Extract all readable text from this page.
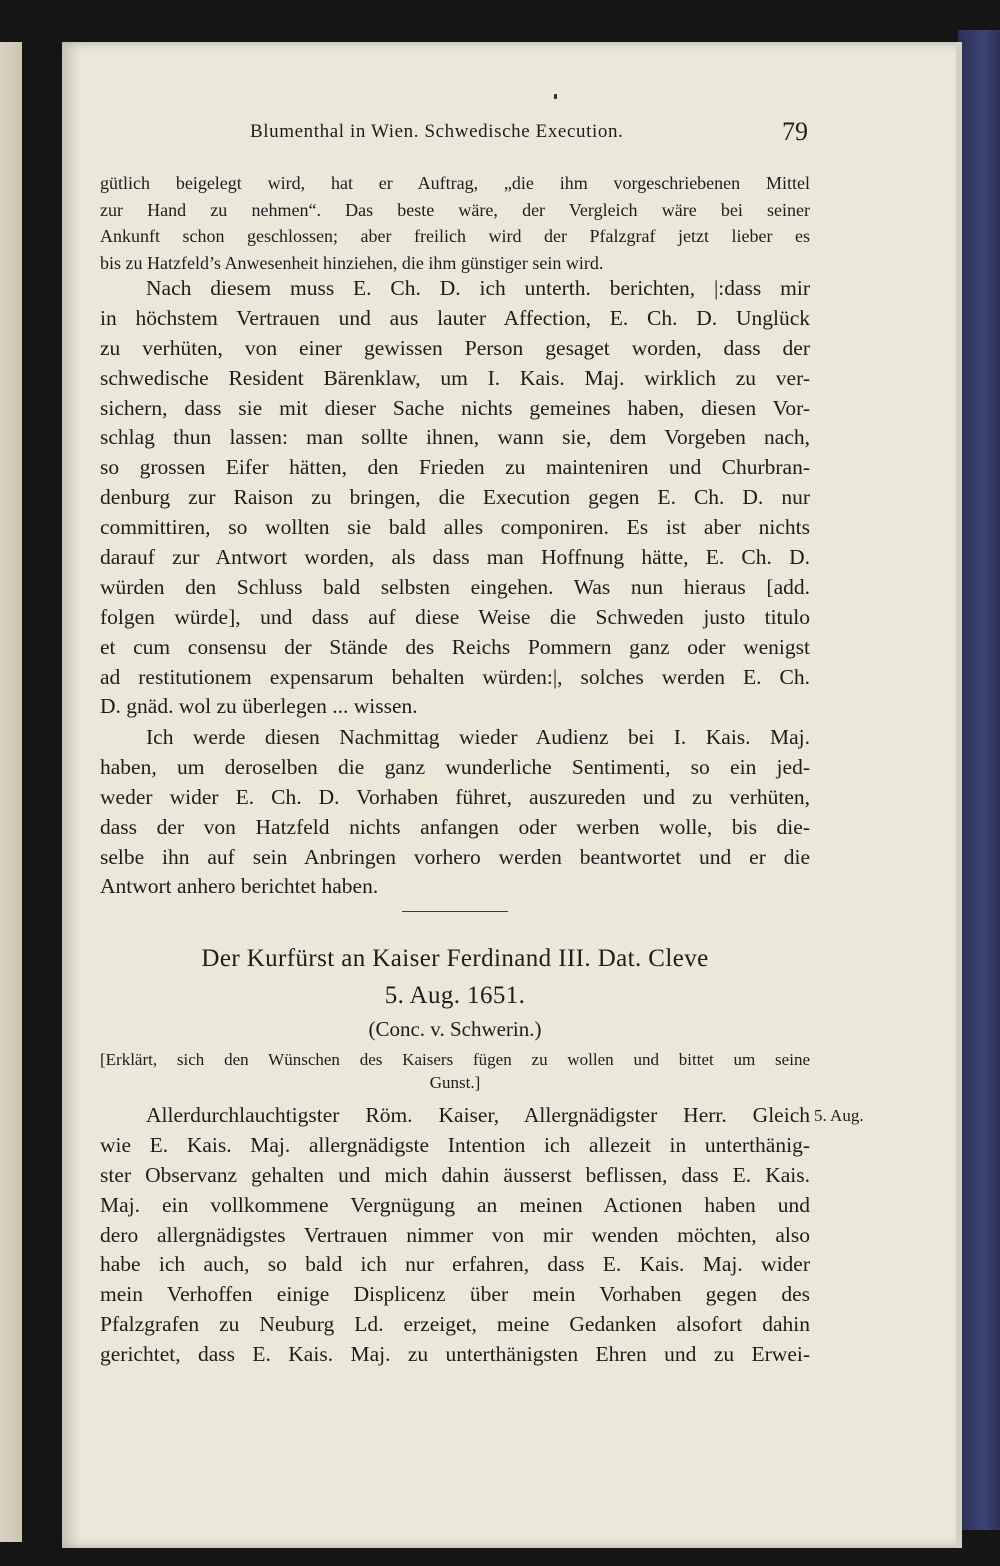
Blumenthal in Wien. Schwedische Execution.	79
gütlich beigelegt wird, hat er Auftrag, „die ihm vorgeschriebenen Mittel
zur Hand zu nehmen“. Das beste wäre, der Vergleich wäre bei seiner
Ankunft schon geschlossen; aber freilich wird der Pfalzgraf jetzt lieber es
bis zu Hatzfeld’s Anwesenheit hinziehen, die ihm günstiger sein wird.
Nach diesem muss E. Ch. D. ich unterth. berichten, |:dass mir
in höchstem Vertrauen und aus lauter Affection, E. Ch. D. Unglück
zu verhüten, von einer gewissen Person gesaget worden, dass der
schwedische Resident Bärenklaw, um I. Kais. Maj. wirklich zu ver-
sichern, dass sie mit dieser Sache nichts gemeines haben, diesen Vor-
schlag thun lassen: man sollte ihnen, wann sie, dem Vorgeben nach,
so grossen Eifer hätten, den Frieden zu mainteniren und Churbran-
denburg zur Raison zu bringen, die Execution gegen E. Ch. D. nur
committiren, so wollten sie bald alles componiren. Es ist aber nichts
darauf zur Antwort worden, als dass man Hoffnung hätte, E. Ch. D.
würden den Schluss bald selbsten eingehen. Was nun hieraus [add.
folgen würde], und dass auf diese Weise die Schweden justo titulo
et cum consensu der Stände des Reichs Pommern ganz oder wenigst
ad restitutionem expensarum behalten würden:|, solches werden E. Ch.
D. gnäd. wol zu überlegen ... wissen.
Ich werde diesen Nachmittag wieder Audienz bei I. Kais. Maj.
haben, um deroselben die ganz wunderliche Sentimenti, so ein jed-
weder wider E. Ch. D. Vorhaben führet, auszureden und zu verhüten,
dass der von Hatzfeld nichts anfangen oder werben wolle, bis die-
selbe ihn auf sein Anbringen vorhero werden beantwortet und er die
Antwort anhero berichtet haben.
Der Kurfürst an Kaiser Ferdinand III. Dat. Cleve
5. Aug. 1651.
(Conc. v. Schwerin.)
[Erklärt, sich den Wünschen des Kaisers fügen zu wollen und bittet um seine
Gunst.]
5. Aug.
Allerdurchlauchtigster Röm. Kaiser, Allergnädigster Herr. Gleich
wie E. Kais. Maj. allergnädigste Intention ich allezeit in unterthänig-
ster Observanz gehalten und mich dahin äusserst beflissen, dass E. Kais.
Maj. ein vollkommene Vergnügung an meinen Actionen haben und
dero allergnädigstes Vertrauen nimmer von mir wenden möchten, also
habe ich auch, so bald ich nur erfahren, dass E. Kais. Maj. wider
mein Verhoffen einige Displicenz über mein Vorhaben gegen des
Pfalzgrafen zu Neuburg Ld. erzeiget, meine Gedanken alsofort dahin
gerichtet, dass E. Kais. Maj. zu unterthänigsten Ehren und zu Erwei-
